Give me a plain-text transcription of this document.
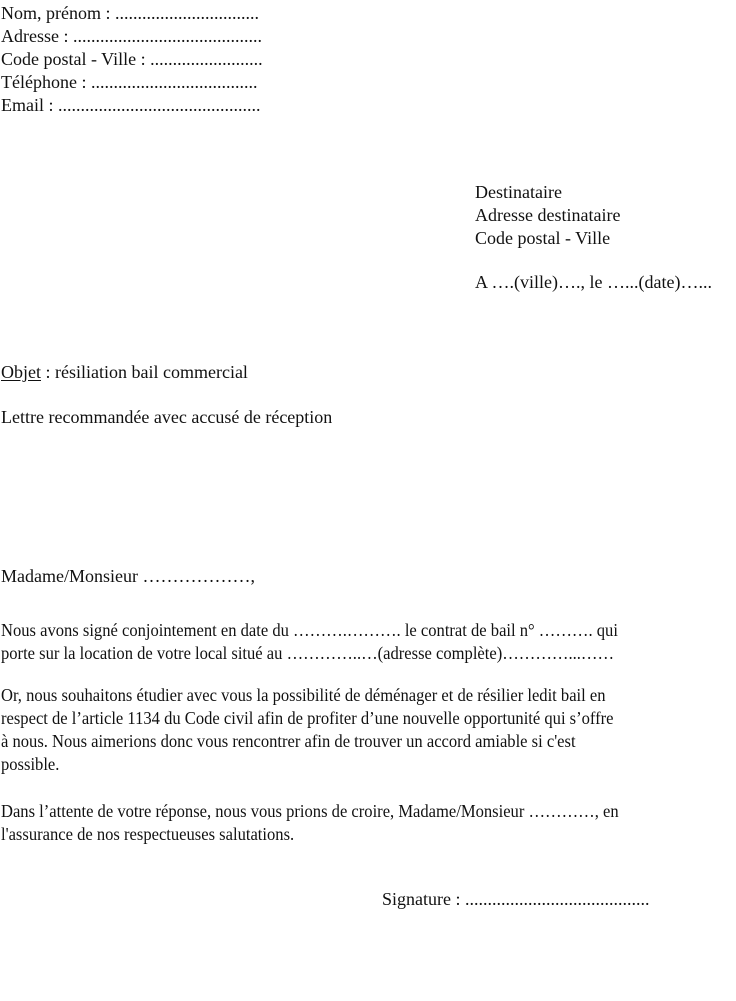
Nom, prénom : ................................
Adresse : ..........................................
Code postal - Ville : .........................
Téléphone : .....................................
Email : .............................................
Destinataire
Adresse destinataire
Code postal - Ville
A ….(ville)…., le …...(date)…...
Objet : résiliation bail commercial
Lettre recommandée avec accusé de réception
Madame/Monsieur ………………,
Nous avons signé conjointement en date du ……….………. le contrat de bail n° ………. qui
porte sur la location de votre local situé au …………..…(adresse complète)…………...……
Or, nous souhaitons étudier avec vous la possibilité de déménager et de résilier ledit bail en
respect de l’article 1134 du Code civil afin de profiter d’une nouvelle opportunité qui s’offre
à nous. Nous aimerions donc vous rencontrer afin de trouver un accord amiable si c'est
possible.
Dans l’attente de votre réponse, nous vous prions de croire, Madame/Monsieur …………, en
l'assurance de nos respectueuses salutations.
Signature : .........................................
